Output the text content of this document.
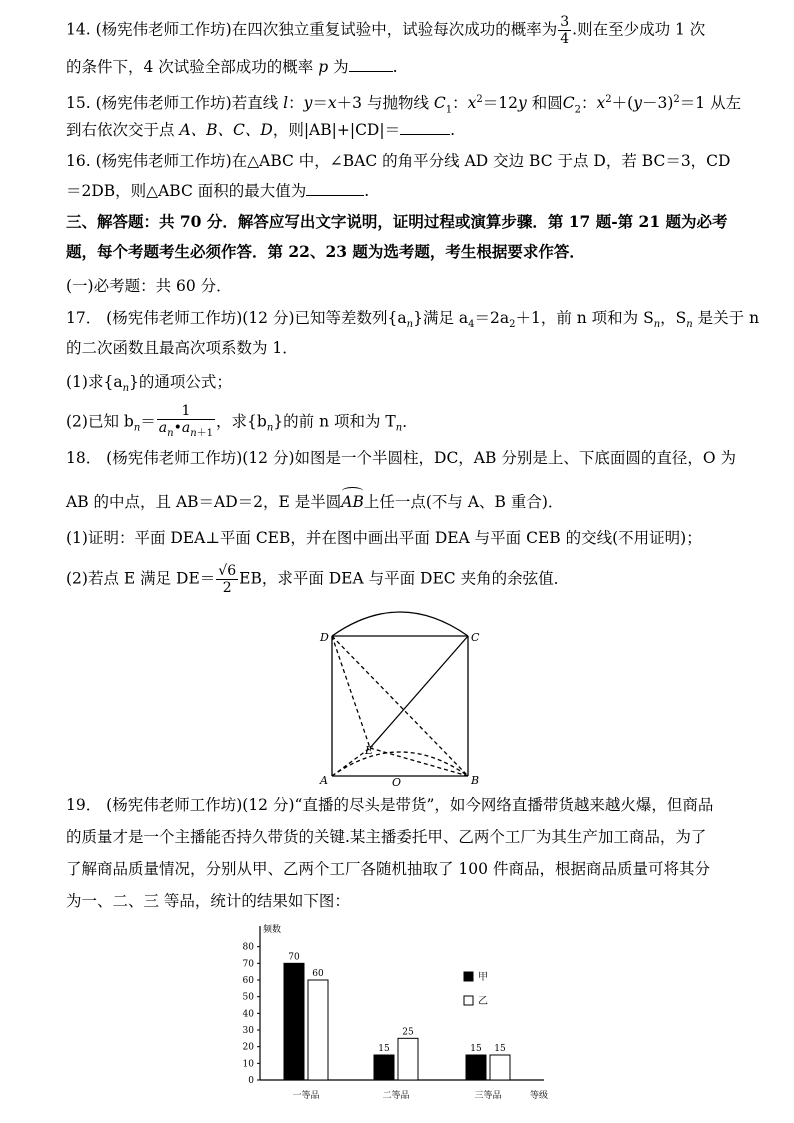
14. (杨宪伟老师工作坊)在四次独立重复试验中，试验每次成功的概率为 $\frac{3}{4}$ .则在至少成功 1 次
的条件下，4 次试验全部成功的概率 p 为	.
15. (杨宪伟老师工作坊)若直线 l：y＝x＋3 与抛物线 $C_1$：$x^2=12y$ 和圆$C_2$：$x^2+(y-3)^2=1$ 从左
到右依次交于点 A、B、C、D，则|AB|+|CD|＝	.
16. (杨宪伟老师工作坊)在△ABC 中，∠BAC 的角平分线 AD 交边 BC 于点 D，若 BC＝3，CD
＝2DB，则△ABC 面积的最大值为	.
三、解答题：共 70 分．解答应写出文字说明，证明过程或演算步骤．第 17 题-第 21 题为必考
题，每个考题考生必须作答．第 22、23 题为选考题，考生根据要求作答．
(一)必考题：共 60 分．
17． (杨宪伟老师工作坊)(12 分)已知等差数列$\{a_n\}$满足 $a_4=2a_2+1$，前 n 项和为 $S_n$，$S_n$ 是关于 n
的二次函数且最高次项系数为 1．
(1)求$\{a_n\}$的通项公式；
(2)已知 $b_n= \frac{1}{a_n•a_{n+1}}$ ，求$\{b_n\}$的前 n 项和为 $T_n$．
18． (杨宪伟老师工作坊)(12 分)如图是一个半圆柱，DC，AB 分别是上、下底面圆的直径，O 为
AB 的中点，且 AB＝AD＝2，E 是半圆
AB上任一点(不与 A、B 重合)．
(1)证明：平面 DEA⊥平面 CEB，并在图中画出平面 DEA 与平面 CEB 的交线(不用证明)；
(2)若点 E 满足 $DE= \frac{√6}{2}$ EB，求平面 DEA 与平面 DEC 夹角的余弦值．
D	C
A	B
E
O
19． (杨宪伟老师工作坊)(12 分)“直播的尽头是带货”，如今网络直播带货越来越火爆，但商品
的质量才是一个主播能否持久带货的关键.某主播委托甲、乙两个工厂为其生产加工商品，为了
了解商品质量情况，分别从甲、乙两个工厂各随机抽取了 100 件商品，根据商品质量可将其分
为一、二、三 等品，统计的结果如下图：
频数
等级
0
10
20
30
40
50
60
70
80
70
60
一等品
15
25
二等品
15 15
三等品
甲
乙
